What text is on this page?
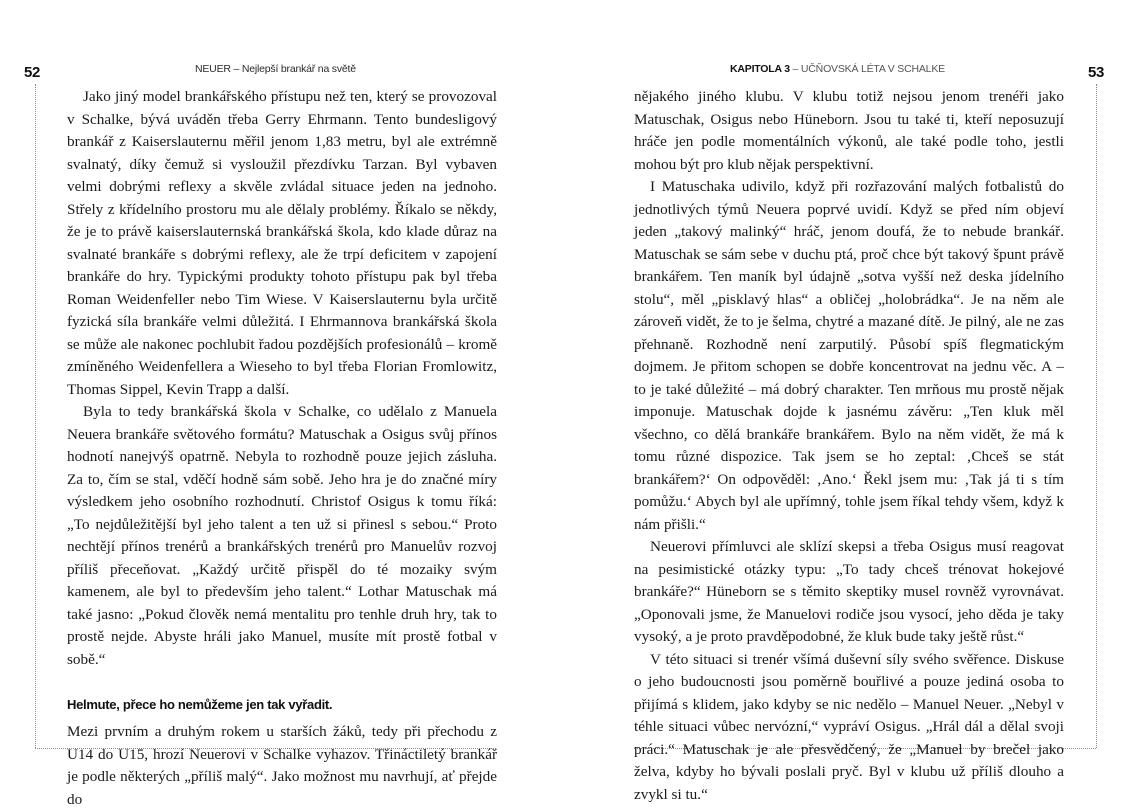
52	NEUER – Nejlepší brankář na světě

Jako jiný model brankářského přístupu než ten, který se provozoval v Schalke, bývá uváděn třeba Gerry Ehrmann. Tento bundesligový brankář z Kaiserslauternu měřil jenom 1,83 metru, byl ale extrémně svalnatý, díky čemuž si vysloužil přezdívku Tarzan. Byl vybaven velmi dobrými reflexy a skvěle zvládal situace jeden na jednoho. Střely z křídelního prostoru mu ale dělaly problémy. Říkalo se někdy, že je to právě kaiserslauternská brankářská škola, kdo klade důraz na svalnaté brankáře s dobrými reflexy, ale že trpí deficitem v zapojení brankáře do hry. Typickými produkty tohoto přístupu pak byl třeba Roman Weidenfeller nebo Tim Wiese. V Kaiserslauternu byla určitě fyzická síla brankáře velmi důležitá. I Ehrmannova brankářská škola se může ale nakonec pochlubit řadou pozdějších profesionálů – kromě zmíněného Weidenfellera a Wieseho to byl třeba Florian Fromlowitz, Thomas Sippel, Kevin Trapp a další.

Byla to tedy brankářská škola v Schalke, co udělalo z Manuela Neuera brankáře světového formátu? Matuschak a Osigus svůj přínos hodnotí nanejvýš opatrně. Nebyla to rozhodně pouze jejich zásluha. Za to, čím se stal, vděčí hodně sám sobě. Jeho hra je do značné míry výsledkem jeho osobního rozhodnutí. Christof Osigus k tomu říká: „To nejdůležitější byl jeho talent a ten už si přinesl s sebou.“ Proto nechtějí přínos trenérů a brankářských trenérů pro Manuelův rozvoj příliš přeceňovat. „Každý určitě přispěl do té mozaiky svým kamenem, ale byl to především jeho talent.“ Lothar Matuschak má také jasno: „Pokud člověk nemá mentalitu pro tenhle druh hry, tak to prostě nejde. Abyste hráli jako Manuel, musíte mít prostě fotbal v sobě.“

Helmute, přece ho nemůžeme jen tak vyřadit.

Mezi prvním a druhým rokem u starších žáků, tedy při přechodu z U14 do U15, hrozí Neuerovi v Schalke vyhazov. Třináctiletý brankář je podle některých „příliš malý“. Jako možnost mu navrhují, ať přejde do

KAPITOLA 3 – UČŇOVSKÁ LÉTA V SCHALKE	53

nějakého jiného klubu. V klubu totiž nejsou jenom trenéři jako Matuschak, Osigus nebo Hüneborn. Jsou tu také ti, kteří neposuzují hráče jen podle momentálních výkonů, ale také podle toho, jestli mohou být pro klub nějak perspektivní.

I Matuschaka udivilo, když při rozřazování malých fotbalistů do jednotlivých týmů Neuera poprvé uvidí. Když se před ním objeví jeden „takový malinký“ hráč, jenom doufá, že to nebude brankář. Matuschak se sám sebe v duchu ptá, proč chce být takový špunt právě brankářem. Ten maník byl údajně „sotva vyšší než deska jídelního stolu“, měl „pisklavý hlas“ a obličej „holobrádka“. Je na něm ale zároveň vidět, že to je šelma, chytré a mazané dítě. Je pilný, ale ne zas přehnaně. Rozhodně není zarputilý. Působí spíš flegmatickým dojmem. Je přitom schopen se dobře koncentrovat na jednu věc. A – to je také důležité – má dobrý charakter. Ten mrňous mu prostě nějak imponuje. Matuschak dojde k jasnému závěru: „Ten kluk měl všechno, co dělá brankáře brankářem. Bylo na něm vidět, že má k tomu různé dispozice. Tak jsem se ho zeptal: ‚Chceš se stát brankářem?‘ On odpověděl: ‚Ano.‘ Řekl jsem mu: ‚Tak já ti s tím pomůžu.‘ Abych byl ale upřímný, tohle jsem říkal tehdy všem, když k nám přišli.“

Neuerovi přímluvci ale sklízí skepsi a třeba Osigus musí reagovat na pesimistické otázky typu: „To tady chceš trénovat hokejové brankáře?“ Hüneborn se s těmito skeptiky musel rovněž vyrovnávat. „Oponovali jsme, že Manuelovi rodiče jsou vysocí, jeho děda je taky vysoký, a je proto pravděpodobné, že kluk bude taky ještě růst.“

V této situaci si trenér všímá duševní síly svého svěřence. Diskuse o jeho budoucnosti jsou poměrně bouřlivé a pouze jediná osoba to přijímá s klidem, jako kdyby se nic nedělo – Manuel Neuer. „Nebyl v téhle situaci vůbec nervózní,“ vypráví Osigus. „Hrál dál a dělal svoji práci.“ Matuschak je ale přesvědčený, že „Manuel by brečel jako želva, kdyby ho bývali poslali pryč. Byl v klubu už příliš dlouho a zvykl si tu.“
